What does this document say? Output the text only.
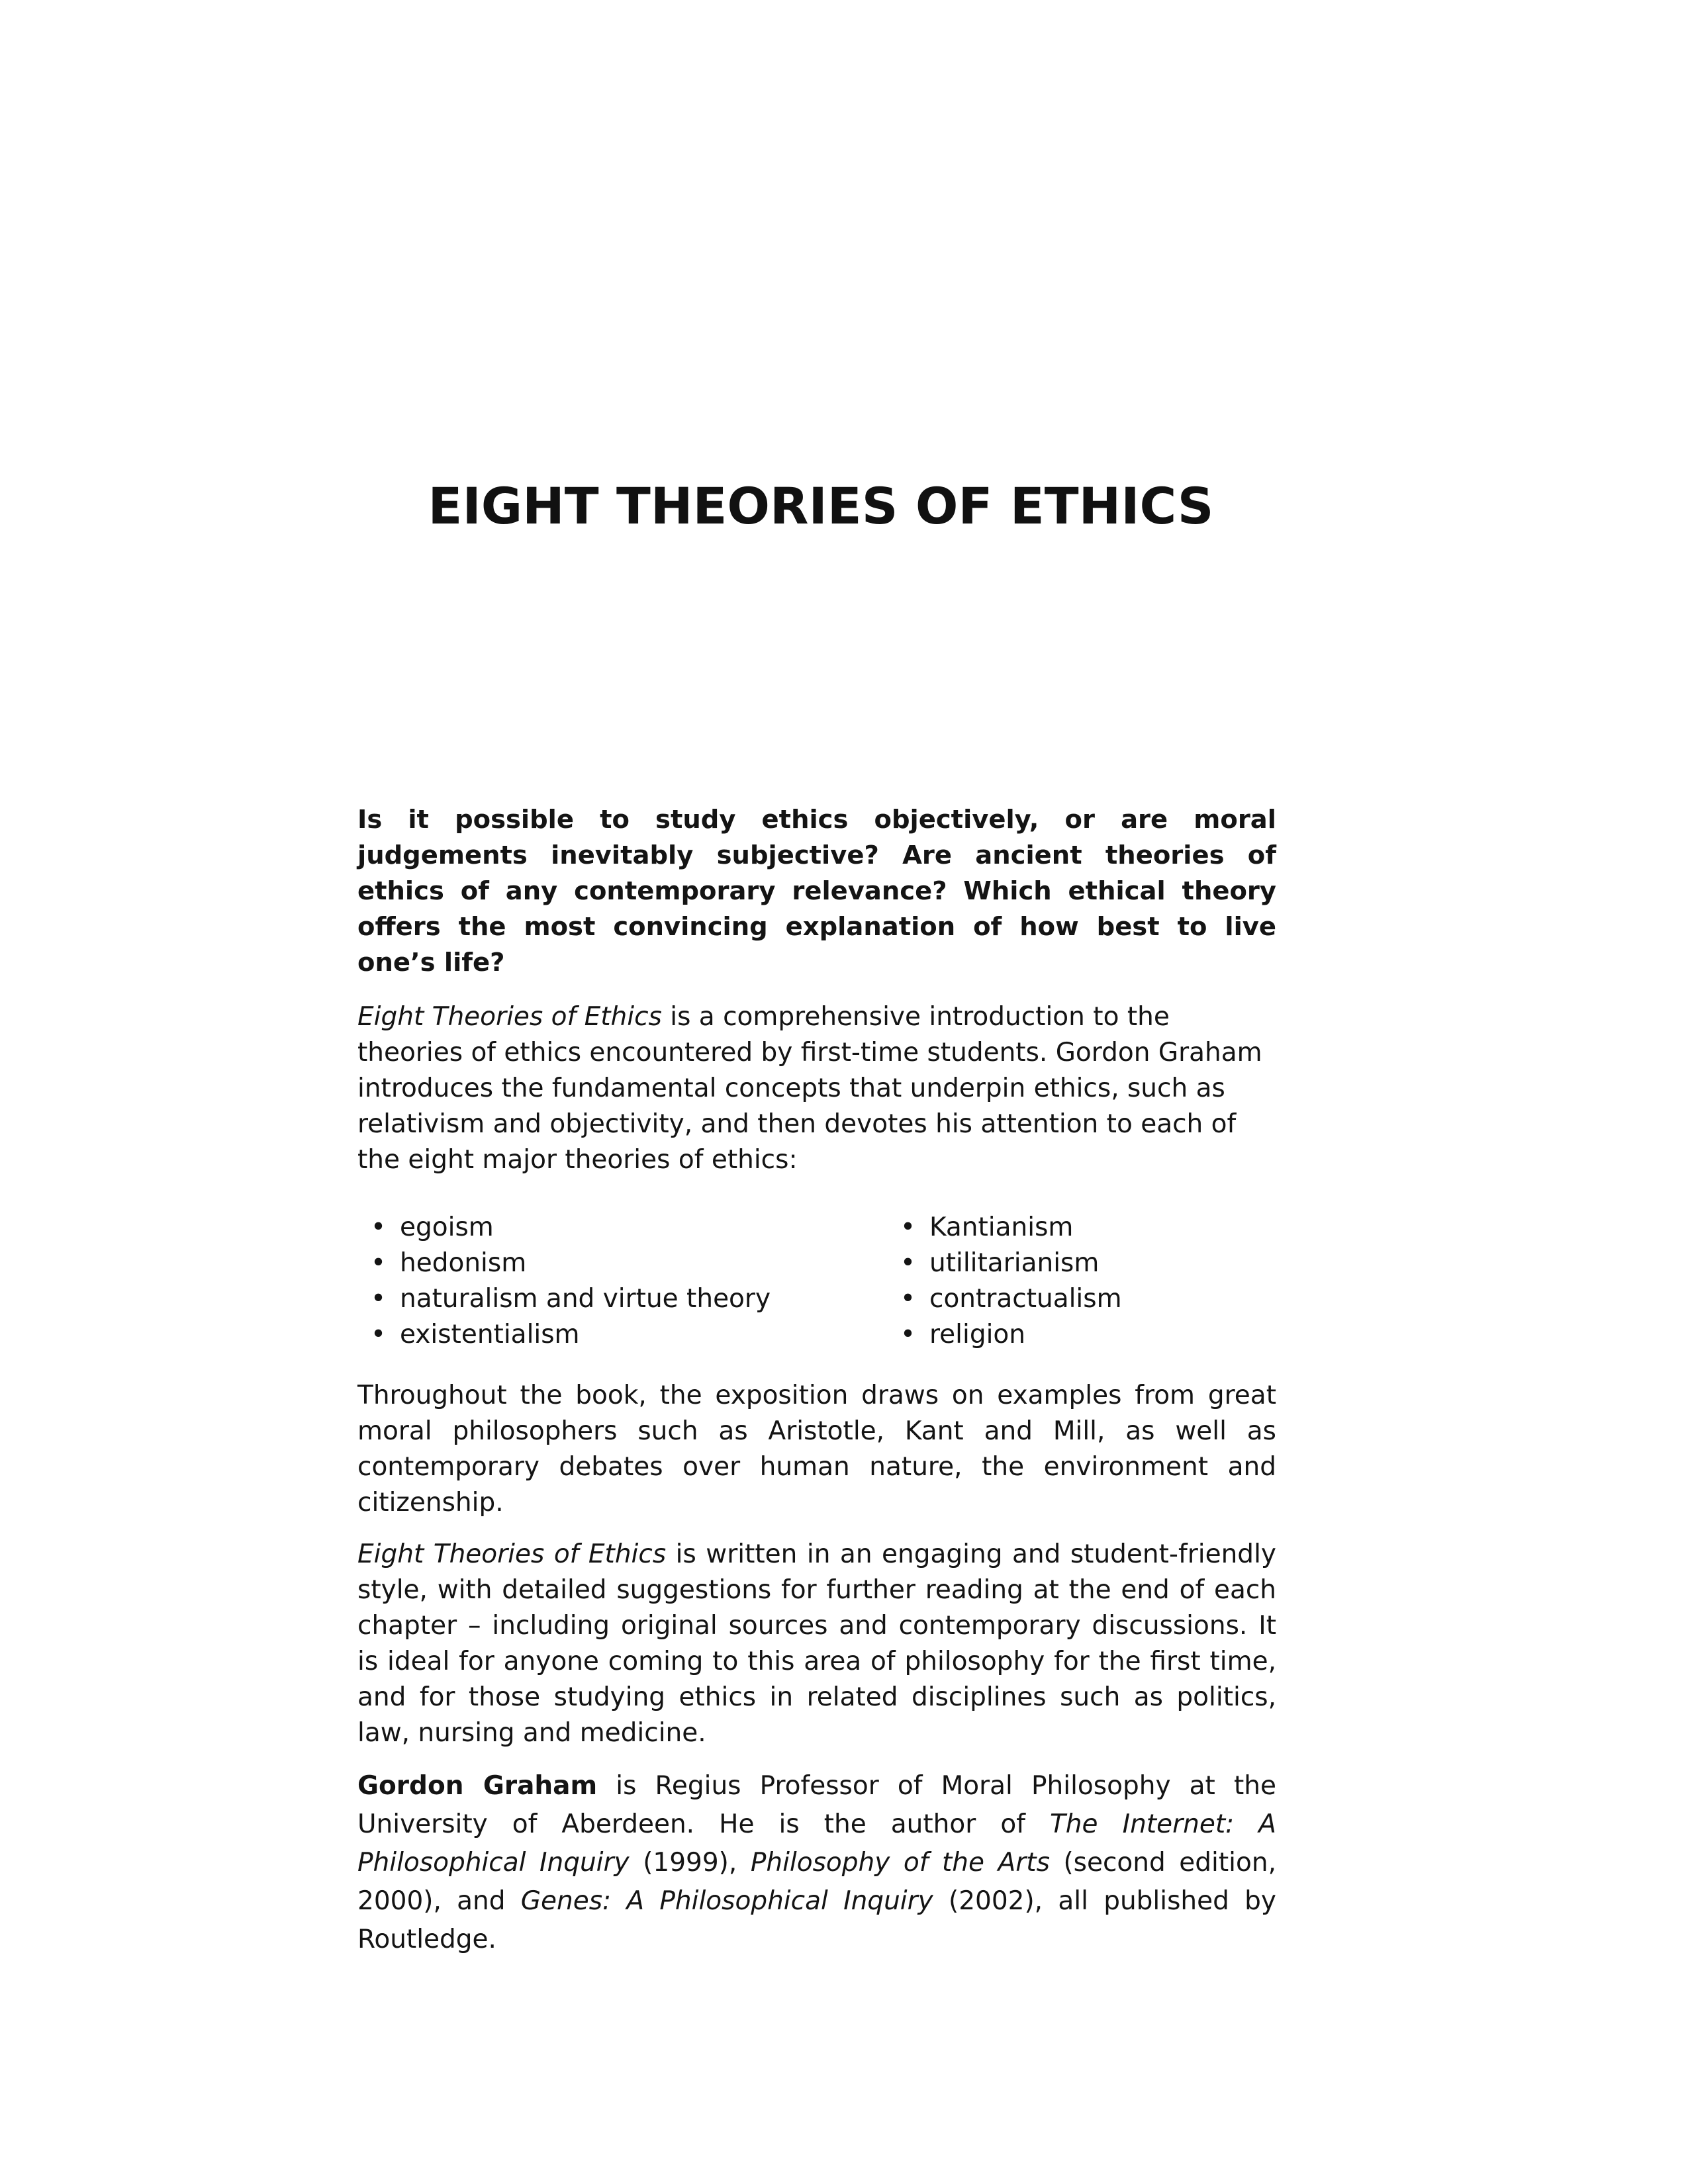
EIGHT THEORIES OF ETHICS

Is it possible to study ethics objectively, or are moral judgements inevitably subjective? Are ancient theories of ethics of any contemporary relevance? Which ethical theory offers the most convincing explanation of how best to live one’s life?

Eight Theories of Ethics is a comprehensive introduction to the theories of ethics encountered by first-time students. Gordon Graham introduces the fundamental concepts that underpin ethics, such as relativism and objectivity, and then devotes his attention to each of the eight major theories of ethics:

• egoism
• hedonism
• naturalism and virtue theory
• existentialism
• Kantianism
• utilitarianism
• contractualism
• religion

Throughout the book, the exposition draws on examples from great moral philosophers such as Aristotle, Kant and Mill, as well as contemporary debates over human nature, the environment and citizenship.

Eight Theories of Ethics is written in an engaging and student-friendly style, with detailed suggestions for further reading at the end of each chapter – including original sources and contemporary discussions. It is ideal for anyone coming to this area of philosophy for the first time, and for those studying ethics in related disciplines such as politics, law, nursing and medicine.

Gordon Graham is Regius Professor of Moral Philosophy at the University of Aberdeen. He is the author of The Internet: A Philosophical Inquiry (1999), Philosophy of the Arts (second edition, 2000), and Genes: A Philosophical Inquiry (2002), all published by Routledge.
